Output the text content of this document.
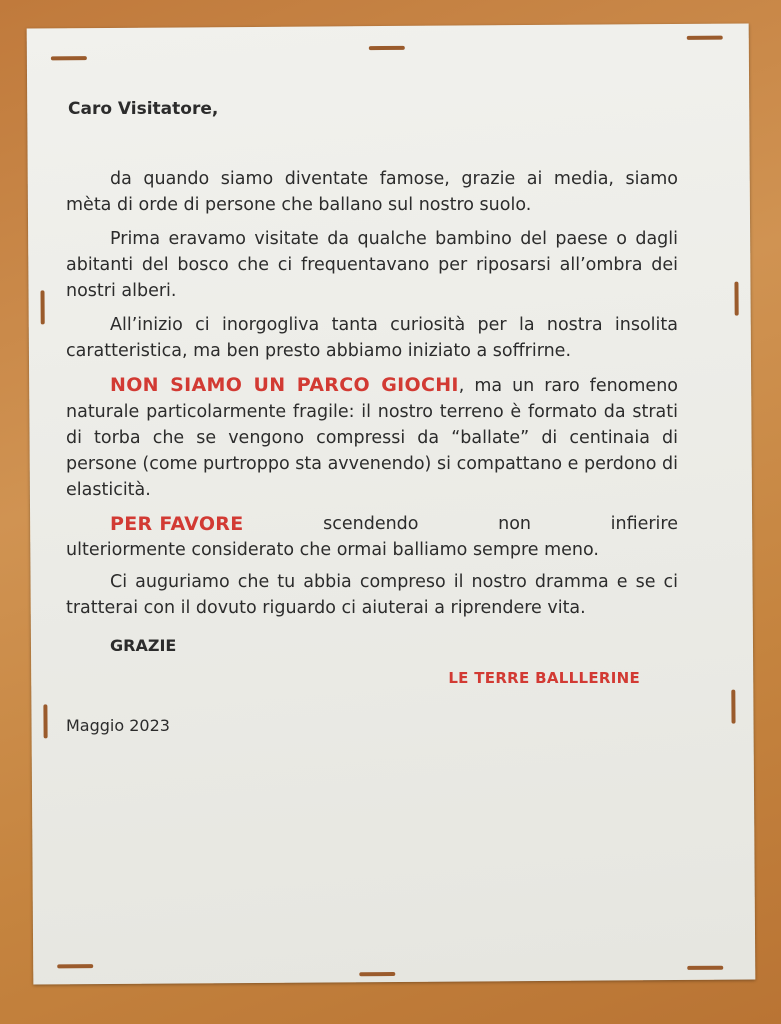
Caro Visitatore,

da quando siamo diventate famose, grazie ai media, siamo mèta di orde di persone che ballano sul nostro suolo.

Prima eravamo visitate da qualche bambino del paese o dagli abitanti del bosco che ci frequentavano per riposarsi all’ombra dei nostri alberi.

All’inizio ci inorgogliva tanta curiosità per la nostra insolita caratteristica, ma ben presto abbiamo iniziato a soffrirne.

NON SIAMO UN PARCO GIOCHI, ma un raro fenomeno naturale particolarmente fragile: il nostro terreno è formato da strati di torba che se vengono compressi da “ballate” di centinaia di persone (come purtroppo sta avvenendo) si compattano e perdono di elasticità.

PER FAVORE	scendendo	non	infierire
ulteriormente considerato che ormai balliamo sempre meno.

Ci auguriamo che tu abbia compreso il nostro dramma e se ci tratterai con il dovuto riguardo ci aiuterai a riprendere vita.

GRAZIE
LE TERRE BALLLERINE
Maggio 2023
